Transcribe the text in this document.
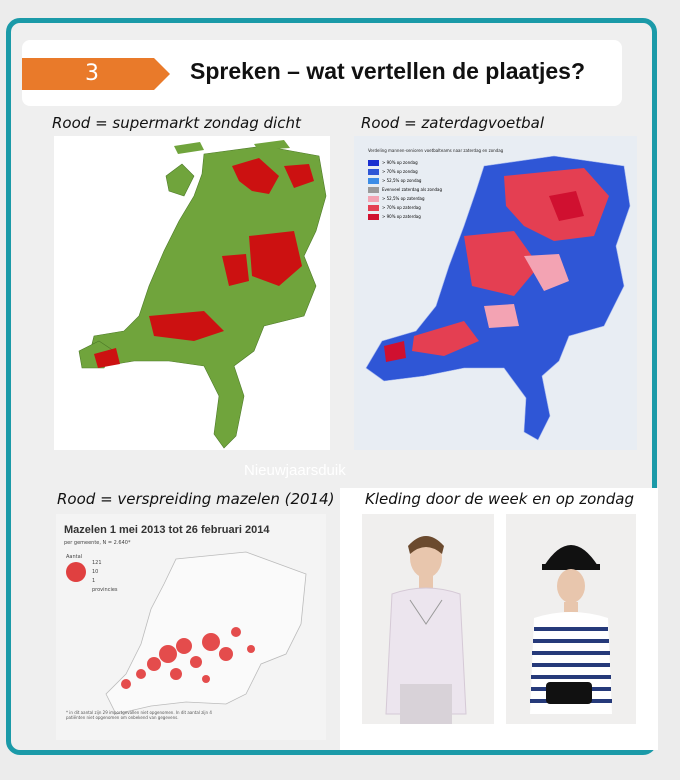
3	Spreken – wat vertellen de plaatjes?
Rood = supermarkt zondag dicht	Rood = zaterdagvoetbal
Rood = verspreiding mazelen (2014)
Verdeling mannen-senioren voetbalteams naar zaterdag en zondag
> 90% op zondag
> 70% op zondag
> 52,5% op zondag
Evenveel zaterdag als zondag
> 52,5% op zaterdag
> 70% op zaterdag
> 90% op zaterdag
Nieuwjaarsduik
Mazelen 1 mei 2013 tot 26 februari 2014
per gemeente, N = 2.640*
Aantal
121
10
1
provincies
* in dit aantal zijn 29 importgevallen niet opgenomen. In dit aantal zijn 4 patiënten niet opgenomen om onbekend van gegevens.
Kleding door de week en op zondag
